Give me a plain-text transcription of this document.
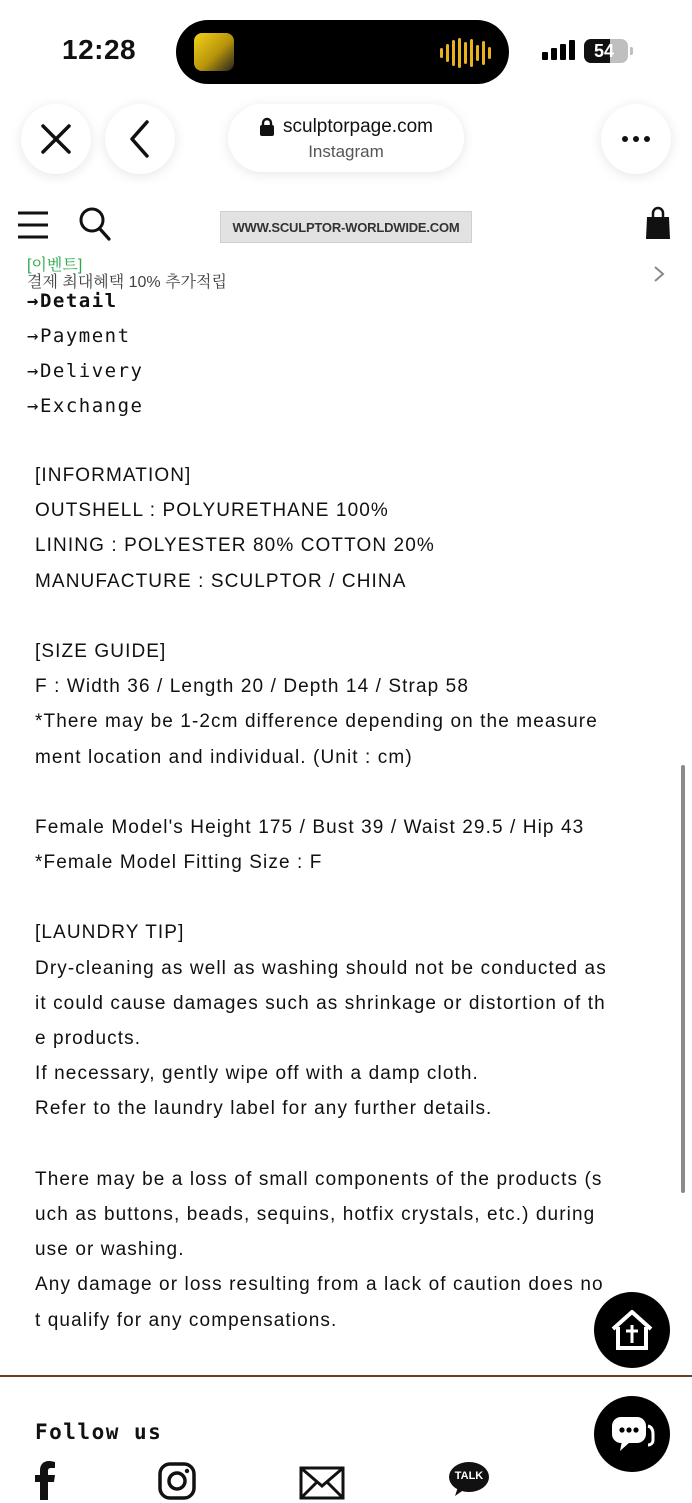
12:28	54
sculptorpage.com
Instagram
WWW.SCULPTOR-WORLDWIDE.COM
[이벤트]
결제 최대혜택 10% 추가적립
→Detail
→Payment
→Delivery
→Exchange
[INFORMATION]
OUTSHELL : POLYURETHANE 100%
LINING : POLYESTER 80% COTTON 20%
MANUFACTURE : SCULPTOR / CHINA
[SIZE GUIDE]
F : Width 36 / Length 20 / Depth 14 / Strap 58
*There may be 1-2cm difference depending on the measure
ment location and individual. (Unit : cm)
Female Model's Height 175 / Bust 39 / Waist 29.5 / Hip 43
*Female Model Fitting Size : F
[LAUNDRY TIP]
Dry-cleaning as well as washing should not be conducted as
it could cause damages such as shrinkage or distortion of th
e products.
If necessary, gently wipe off with a damp cloth.
Refer to the laundry label for any further details.
There may be a loss of small components of the products (s
uch as buttons, beads, sequins, hotfix crystals, etc.) during
use or washing.
Any damage or loss resulting from a lack of caution does no
t qualify for any compensations.
Follow us
TALK
